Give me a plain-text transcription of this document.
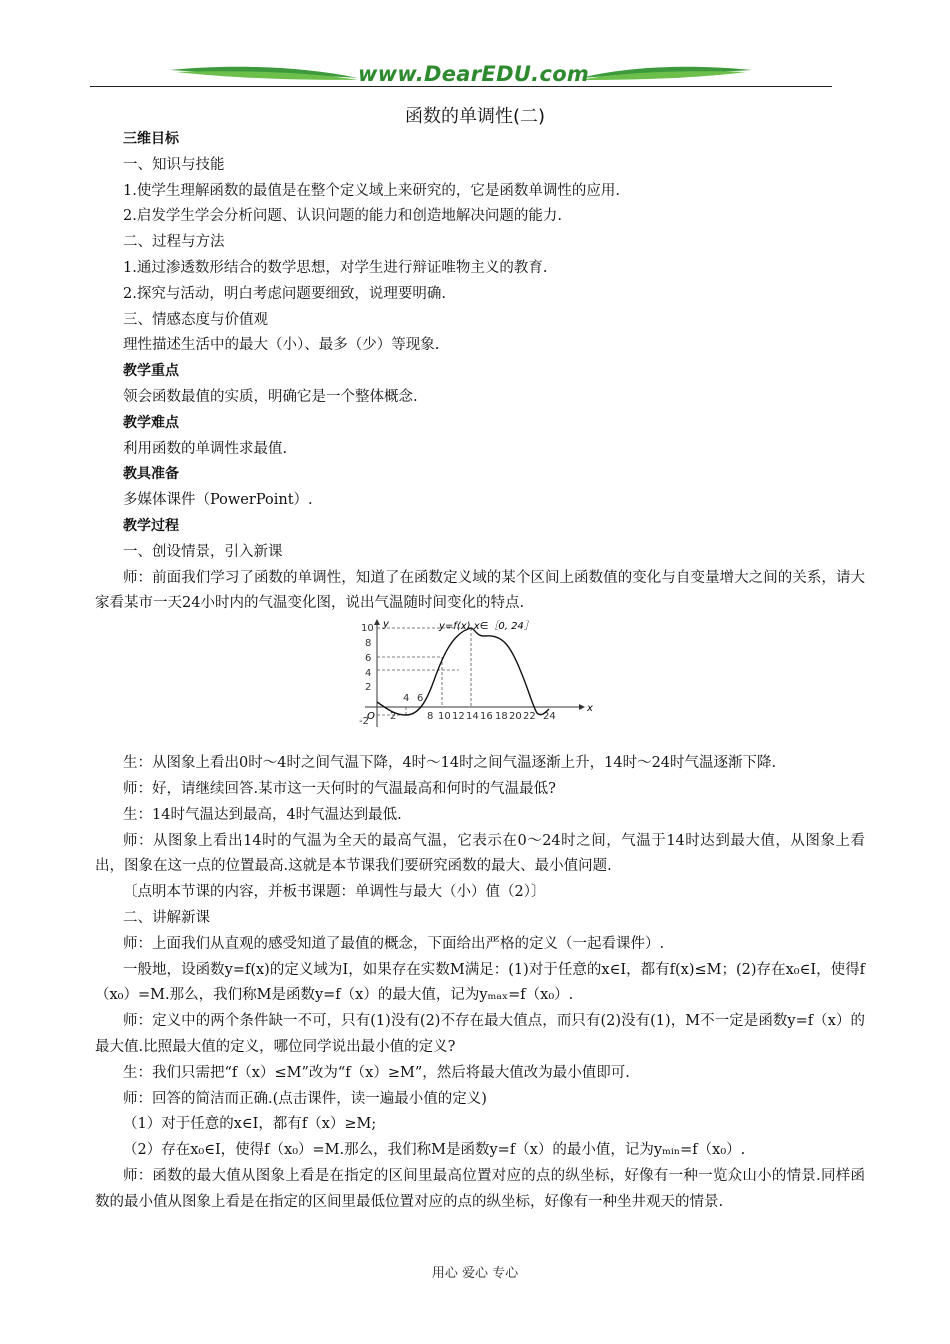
www.DearEDU.com
函数的单调性(二)
三维目标
一、知识与技能
1.使学生理解函数的最值是在整个定义域上来研究的，它是函数单调性的应用.
2.启发学生学会分析问题、认识问题的能力和创造地解决问题的能力.
二、过程与方法
1.通过渗透数形结合的数学思想，对学生进行辩证唯物主义的教育.
2.探究与活动，明白考虑问题要细致，说理要明确.
三、情感态度与价值观
理性描述生活中的最大（小）、最多（少）等现象.
教学重点
领会函数最值的实质，明确它是一个整体概念.
教学难点
利用函数的单调性求最值.
教具准备
多媒体课件（PowerPoint）.
教学过程
一、创设情景，引入新课
师：前面我们学习了函数的单调性，知道了在函数定义域的某个区间上函数值的变化与自变量增大之间的关系，请大家看某市一天24小时内的气温变化图，说出气温随时间变化的特点.
y
x
O
y=f(x),x∈［0, 24］
10
8
6
4
2
-2 2
4 6
8 10 12 14 16 18 20 22 24
生：从图象上看出0时～4时之间气温下降，4时～14时之间气温逐渐上升，14时～24时气温逐渐下降.
师：好，请继续回答.某市这一天何时的气温最高和何时的气温最低?
生：14时气温达到最高，4时气温达到最低.
师：从图象上看出14时的气温为全天的最高气温，它表示在0～24时之间，气温于14时达到最大值，从图象上看出，图象在这一点的位置最高.这就是本节课我们要研究函数的最大、最小值问题.
〔点明本节课的内容，并板书课题：单调性与最大（小）值（2）〕
二、讲解新课
师：上面我们从直观的感受知道了最值的概念，下面给出严格的定义（一起看课件）.
一般地，设函数y=f(x)的定义域为I，如果存在实数M满足：(1)对于任意的x∈I，都有f(x)≤M；(2)存在x₀∈I，使得f（x₀）=M.那么，我们称M是函数y=f（x）的最大值，记为yₘₐₓ=f（x₀）.
师：定义中的两个条件缺一不可，只有(1)没有(2)不存在最大值点，而只有(2)没有(1)，M不一定是函数y=f（x）的最大值.比照最大值的定义，哪位同学说出最小值的定义?
生：我们只需把“f（x）≤M”改为“f（x）≥M”，然后将最大值改为最小值即可.
师：回答的简洁而正确.(点击课件，读一遍最小值的定义)
（1）对于任意的x∈I，都有f（x）≥M;
（2）存在x₀∈I，使得f（x₀）=M.那么，我们称M是函数y=f（x）的最小值，记为yₘᵢₙ=f（x₀）.
师：函数的最大值从图象上看是在指定的区间里最高位置对应的点的纵坐标，好像有一种一览众山小的情景.同样函数的最小值从图象上看是在指定的区间里最低位置对应的点的纵坐标，好像有一种坐井观天的情景.
用心 爱心 专心
